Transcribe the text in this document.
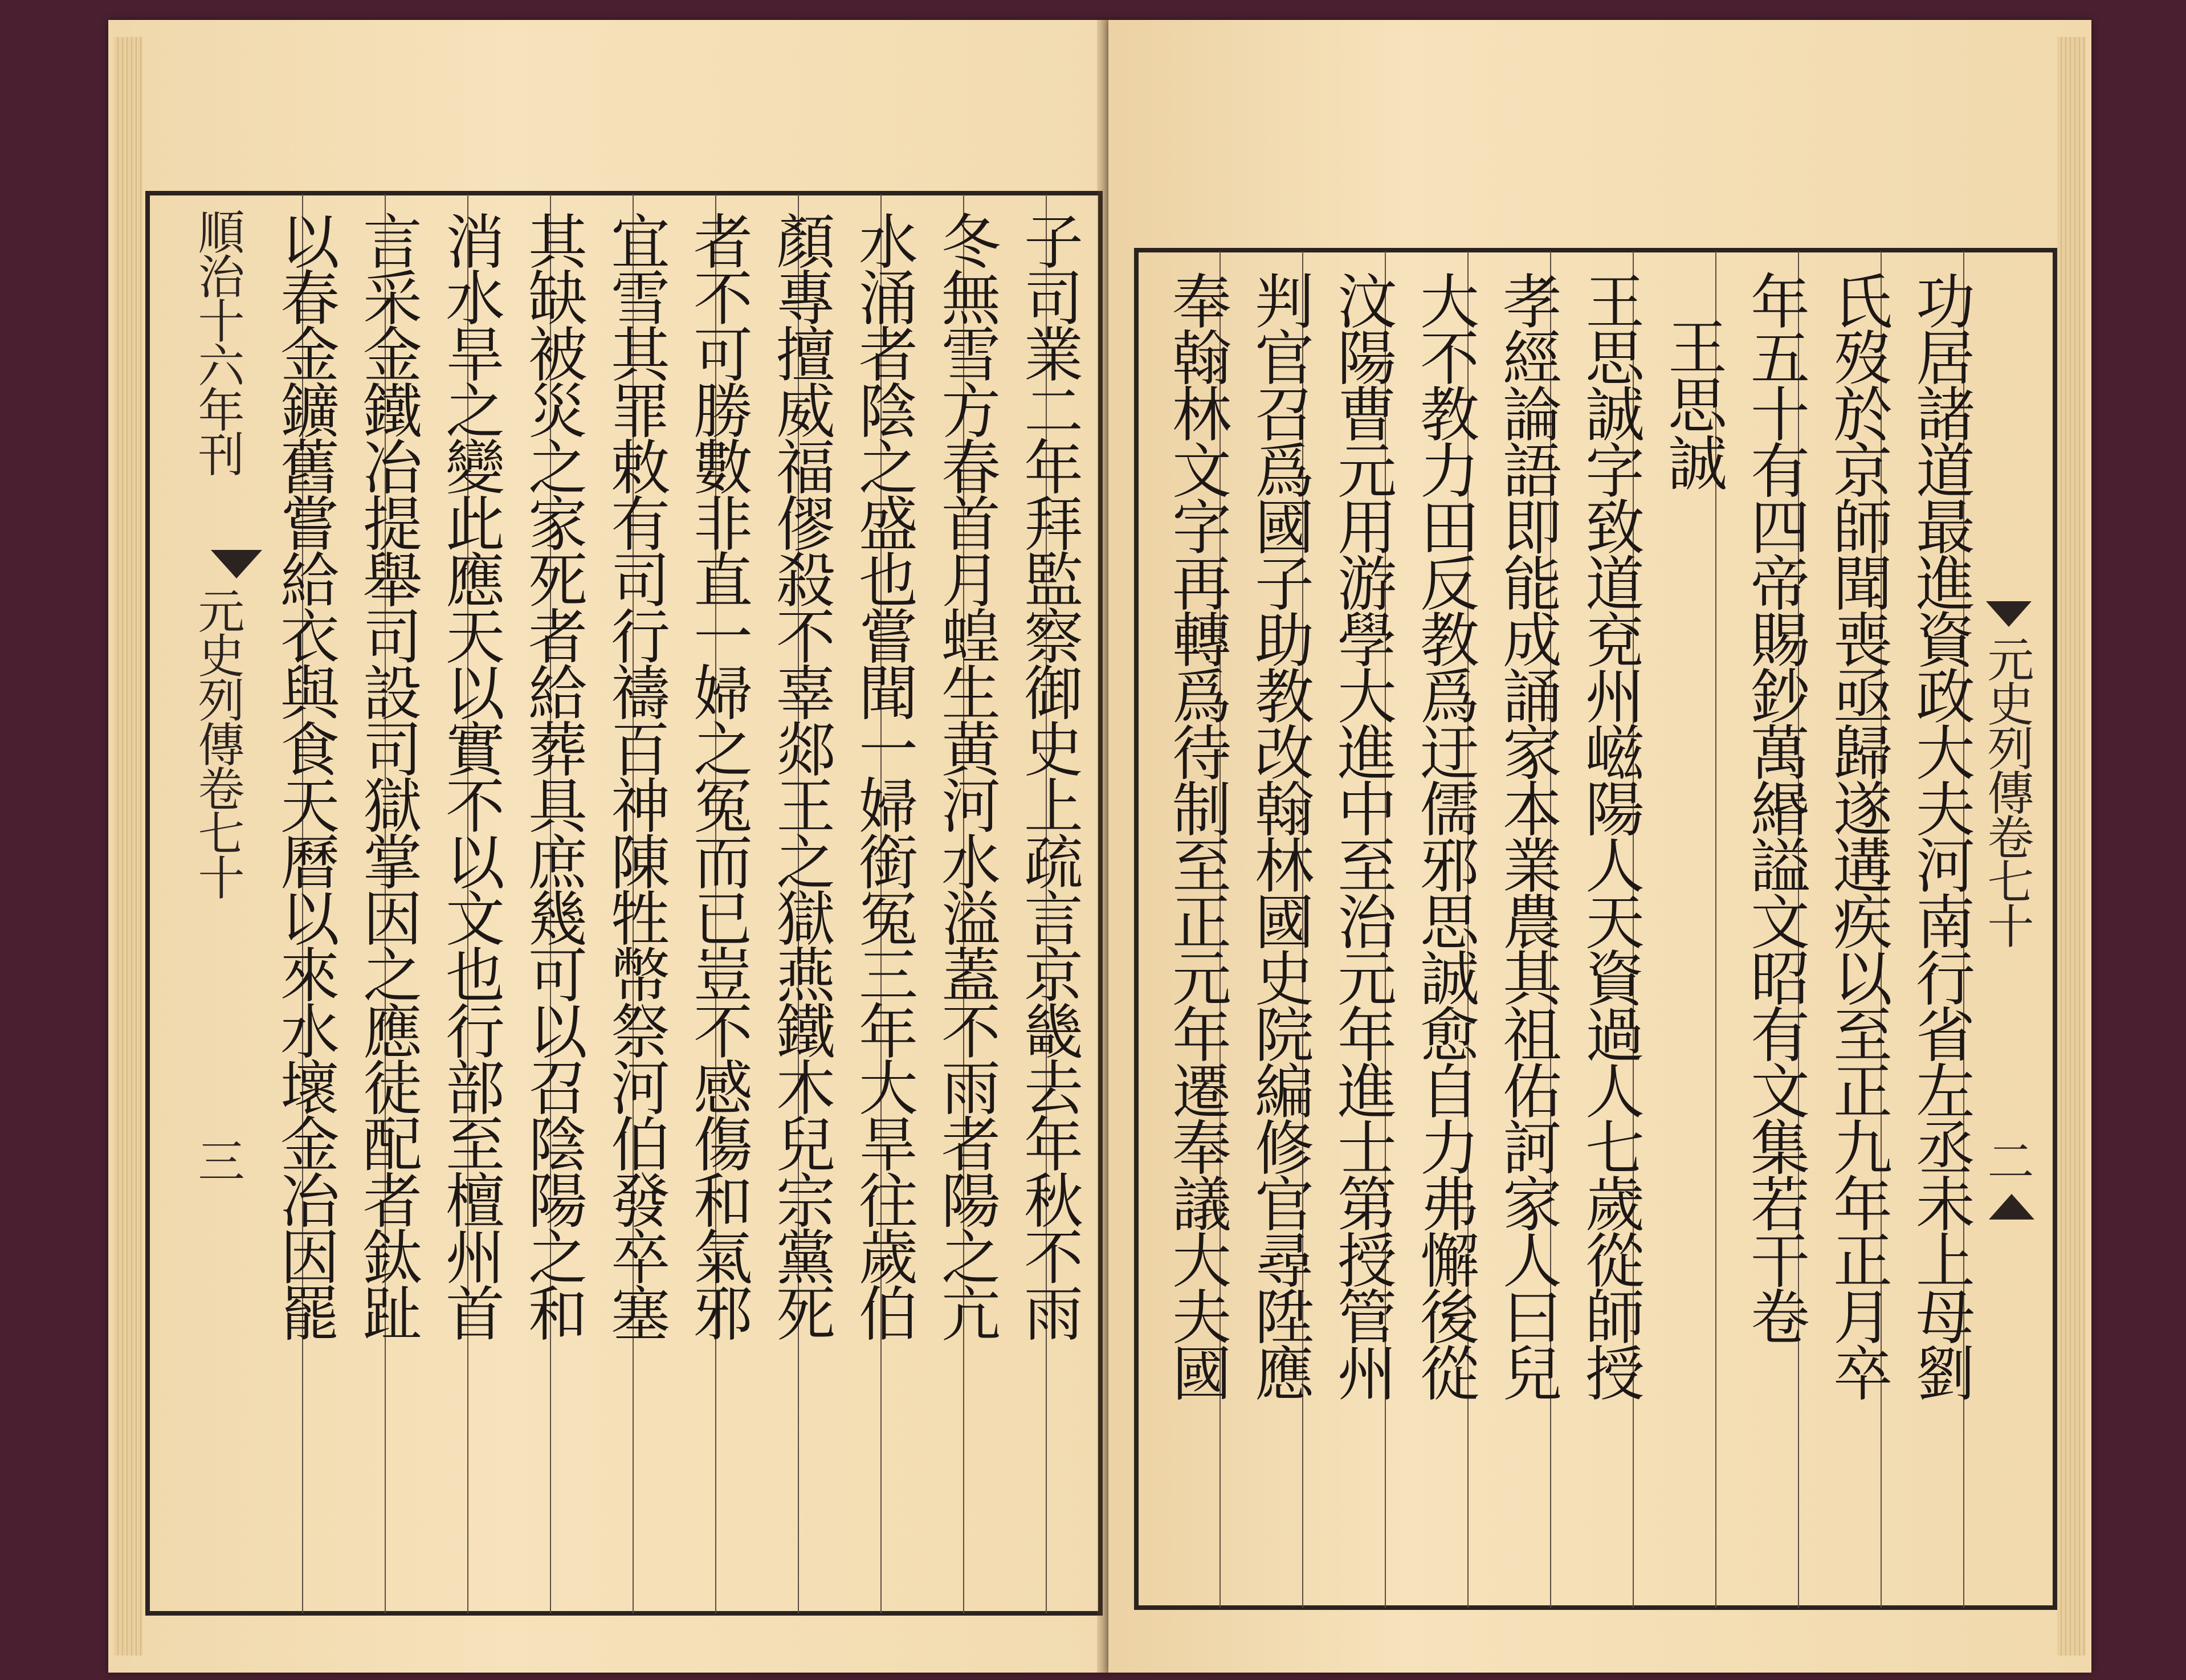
順治十六年刊
元史列傳卷七十
三	子司業二年拜監察御史上疏言京畿去年秋不雨
冬無雪方春首月蝗生黄河水溢蓋不雨者陽之亢
水涌者陰之盛也嘗聞一婦銜冤三年大旱往歲伯
顏專擅威福僇殺不辜郯王之獄燕鐵木兒宗黨死
者不可勝數非直一婦之冤而已豈不感傷和氣邪
宜雪其罪敕有司行禱百神陳牲幣祭河伯發卒塞
其缺被災之家死者給葬具庶幾可以召陰陽之和
消水旱之變此應天以實不以文也行部至檀州首
言采金鐵冶提舉司設司獄掌因之應徒配者鈦趾
以春金鑛舊嘗給衣與食天曆以來水壞金冶因罷	功居諸道最進資政大夫河南行省左丞未上母劉
氏歿於京師聞喪亟歸遂遘疾以至正九年正月卒
年五十有四帝賜鈔萬緡謚文昭有文集若干卷
王思誠
王思誠字致道兗州嵫陽人天資過人七歲從師授
孝經論語即能成誦家本業農其祖佑訶家人曰兒
大不教力田反教爲迂儒邪思誠愈自力弗懈後從
汶陽曹元用游學大進中至治元年進士第授管州
判官召爲國子助教改翰林國史院編修官尋陞應
奉翰林文字再轉爲待制至正元年遷奉議大夫國	元史列傳卷七十
二
